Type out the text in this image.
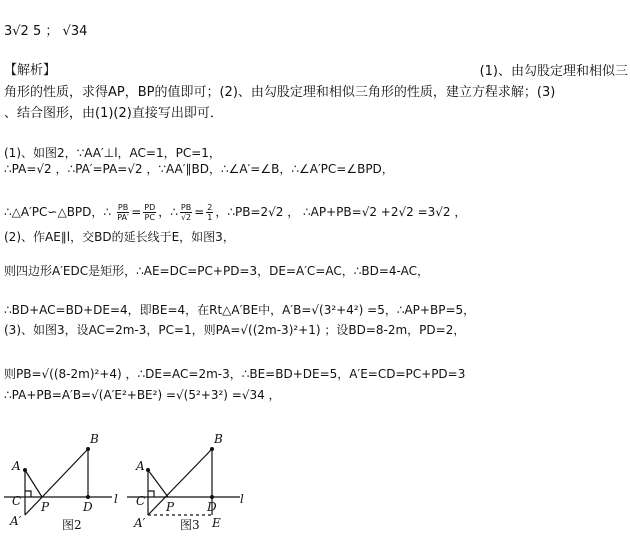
3√2 5 ； √34
【解析】	(1)、由勾股定理和相似三
角形的性质，求得AP，BP的值即可；(2)、由勾股定理和相似三角形的性质，建立方程求解；(3)
、结合图形，由(1)(2)直接写出即可．
(1)、如图2，∵AA′⊥l，AC=1，PC=1，
∴PA=√2 ，∴PA′=PA=√2 ，∵AA′∥BD，∴∠A′=∠B，∴∠A′PC=∠BPD，
∴△A′PC∽△BPD，∴ $\frac{PB}{PA'} = \frac{PD}{PC}$ ，∴ $\frac{PB}{√2} = \frac{2}{1}$ ，∴PB=2√2 ， ∴AP+PB=√2 +2√2 =3√2 ，
(2)、作AE∥l，交BD的延长线于E，如图3，
则四边形A′EDC是矩形，∴AE=DC=PC+PD=3，DE=A′C=AC，∴BD=4-AC，
∴BD+AC=BD+DE=4，即BE=4，在Rt△A′BE中，A′B=√(3²+4²) =5，∴AP+BP=5，
(3)、如图3，设AC=2m-3，PC=1，则PA=√((2m-3)²+1) ；设BD=8-2m，PD=2，
则PB=√((8-2m)²+4) ，∴DE=AC=2m-3，∴BE=BD+DE=5，A′E=CD=PC+PD=3
∴PA+PB=A′B=√(A′E²+BE²) =√(5²+3²) =√34 ，
A
B
C P	D
l
A′	图2
A
B
C P	D
l
A′	E
图3
